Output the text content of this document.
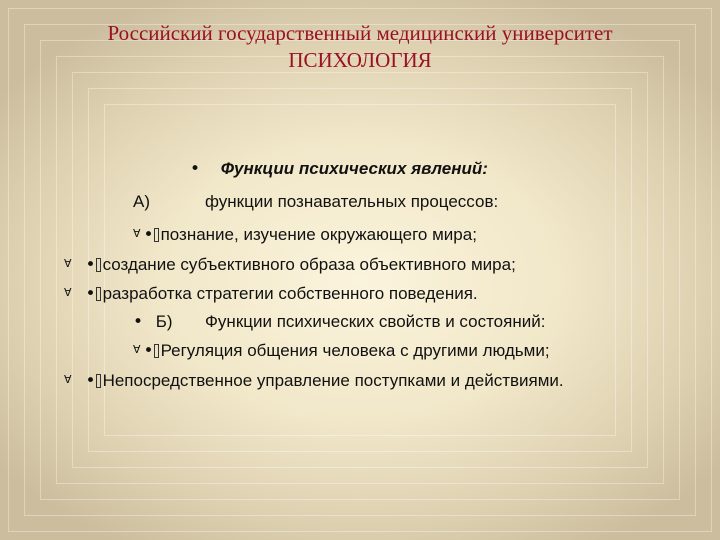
Российский государственный медицинский университет
ПСИХОЛОГИЯ
• Функции психических явлений:
А)	функции познавательных процессов:
∀ • познание, изучение окружающего мира;
∀ • создание субъективного образа объективного мира;
∀ • разработка стратегии собственного поведения.
• Б) Функции психических свойств и состояний:
∀ • Регуляция общения человека с другими людьми;
∀ • Непосредственное управление поступками и действиями.
